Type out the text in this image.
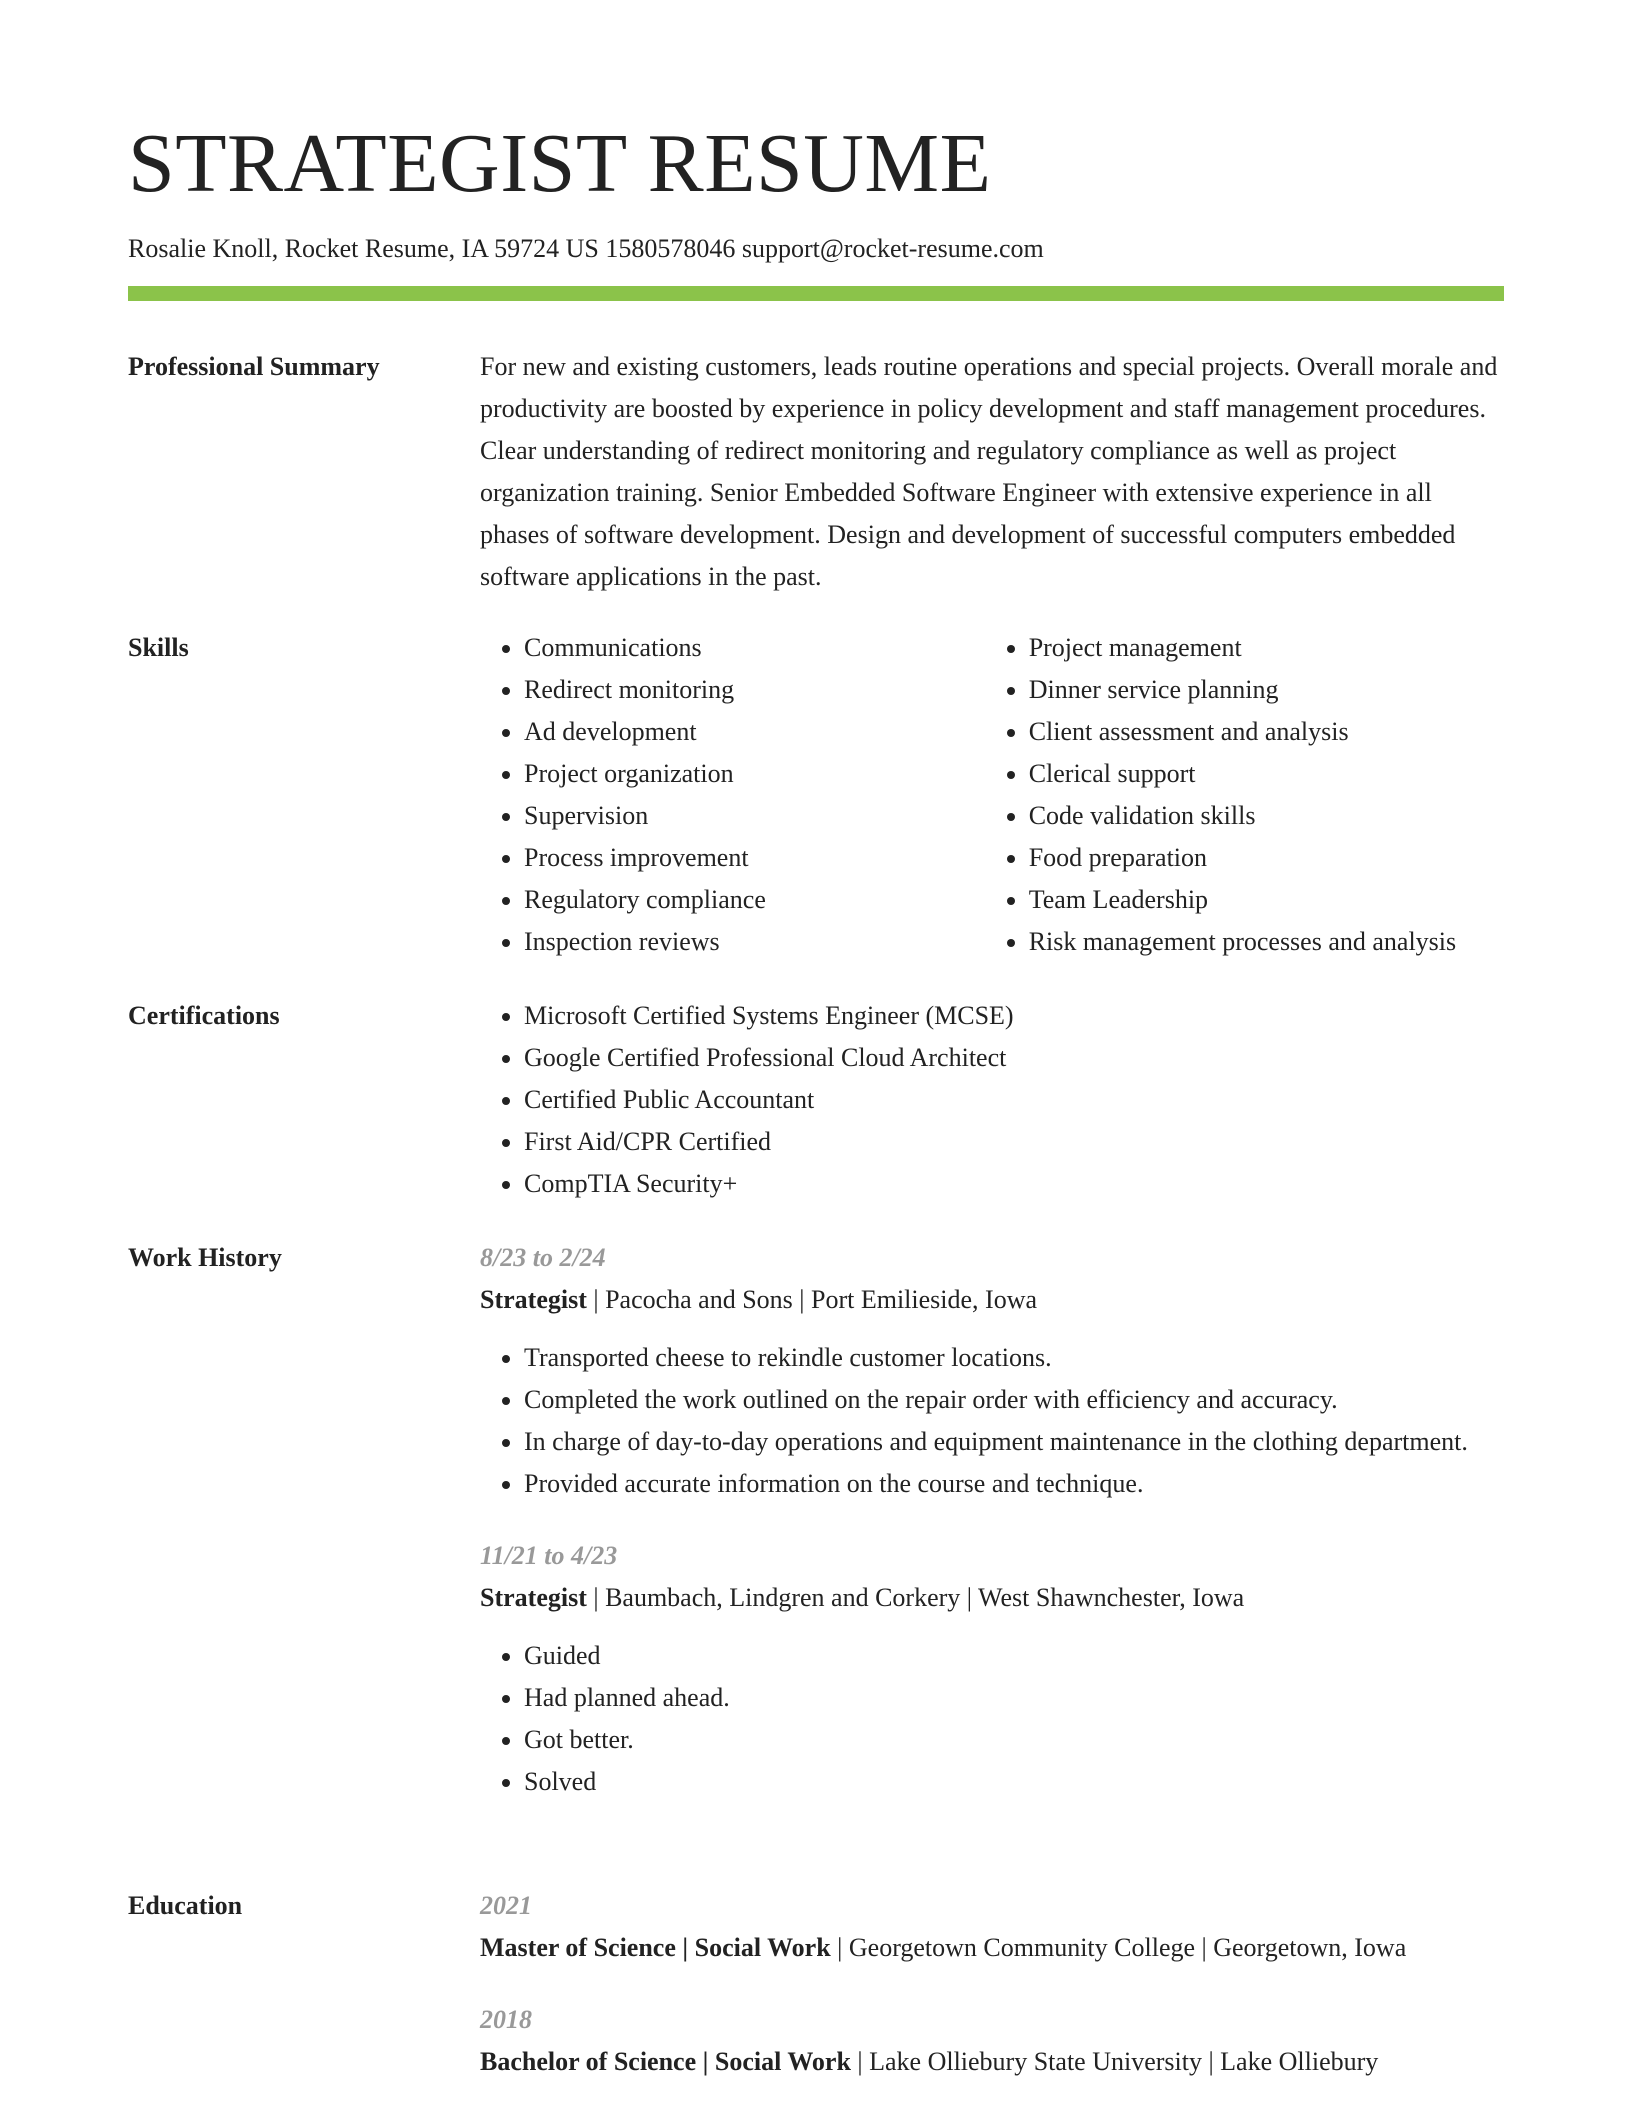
STRATEGIST RESUME
Rosalie Knoll, Rocket Resume, IA 59724 US 1580578046 support@rocket-resume.com
Professional Summary	For new and existing customers, leads routine operations and special projects. Overall morale and productivity are boosted by experience in policy development and staff management procedures. Clear understanding of redirect monitoring and regulatory compliance as well as project organization training. Senior Embedded Software Engineer with extensive experience in all phases of software development. Design and development of successful computers embedded software applications in the past.

Skills	• Communications
• Redirect monitoring
• Ad development
• Project organization
• Supervision
• Process improvement
• Regulatory compliance
• Inspection reviews
• Project management
• Dinner service planning
• Client assessment and analysis
• Clerical support
• Code validation skills
• Food preparation
• Team Leadership
• Risk management processes and analysis
Certifications	• Microsoft Certified Systems Engineer (MCSE)
• Google Certified Professional Cloud Architect
• Certified Public Accountant
• First Aid/CPR Certified
• CompTIA Security+
Work History	8/23 to 2/24
Strategist | Pacocha and Sons | Port Emilieside, Iowa
• Transported cheese to rekindle customer locations.
• Completed the work outlined on the repair order with efficiency and accuracy.
• In charge of day-to-day operations and equipment maintenance in the clothing department.
• Provided accurate information on the course and technique.
11/21 to 4/23
Strategist | Baumbach, Lindgren and Corkery | West Shawnchester, Iowa
• Guided
• Had planned ahead.
• Got better.
• Solved
Education	2021
Master of Science | Social Work | Georgetown Community College | Georgetown, Iowa
2018
Bachelor of Science | Social Work | Lake Olliebury State University | Lake Olliebury
